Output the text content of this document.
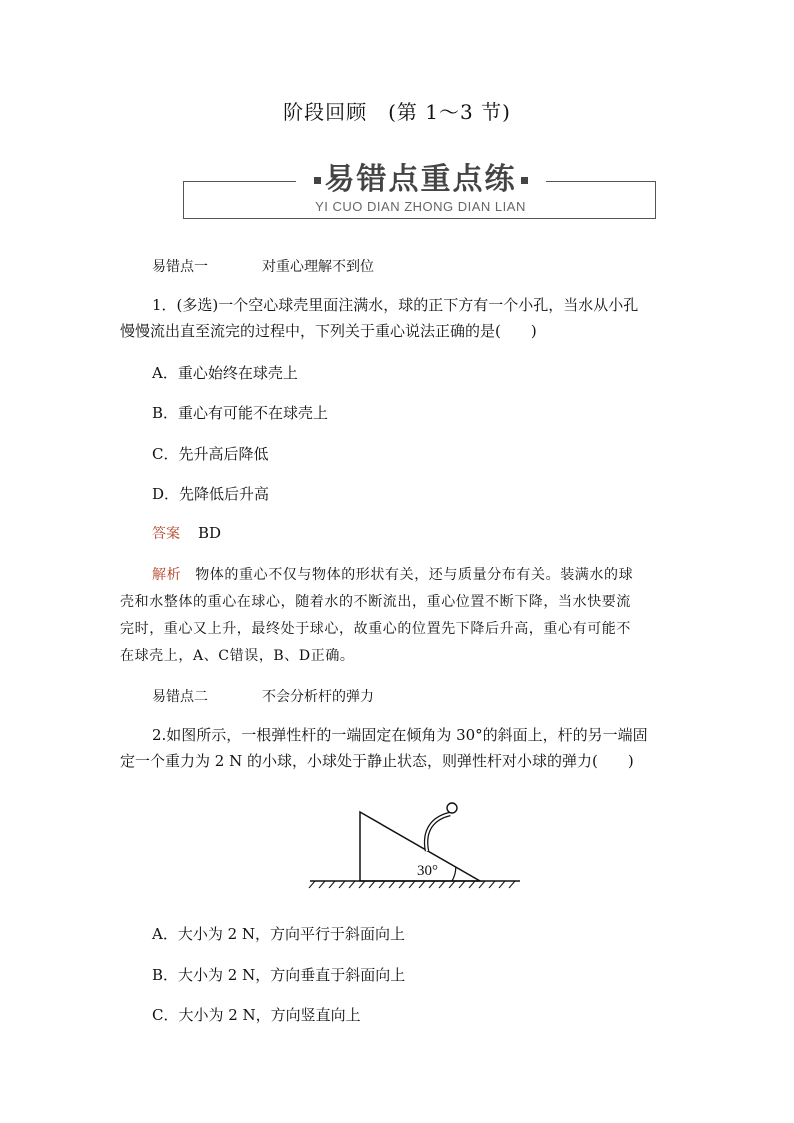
阶段回顾　(第 1～3 节)
易错点重点练
YI CUO DIAN ZHONG DIAN LIAN
易错点一	对重心理解不到位
1．(多选)一个空心球壳里面注满水，球的正下方有一个小孔，当水从小孔
慢慢流出直至流完的过程中，下列关于重心说法正确的是(　　)
A．重心始终在球壳上
B．重心有可能不在球壳上
C．先升高后降低
D．先降低后升高
答案 BD
解析 物体的重心不仅与物体的形状有关，还与质量分布有关。装满水的球
壳和水整体的重心在球心，随着水的不断流出，重心位置不断下降，当水快要流
完时，重心又上升，最终处于球心，故重心的位置先下降后升高，重心有可能不
在球壳上，A、C错误，B、D正确。
易错点二	不会分析杆的弹力
2.如图所示，一根弹性杆的一端固定在倾角为 30°的斜面上，杆的另一端固
定一个重力为 2 N 的小球，小球处于静止状态，则弹性杆对小球的弹力(　　)
30°
A．大小为 2 N，方向平行于斜面向上
B．大小为 2 N，方向垂直于斜面向上
C．大小为 2 N，方向竖直向上
